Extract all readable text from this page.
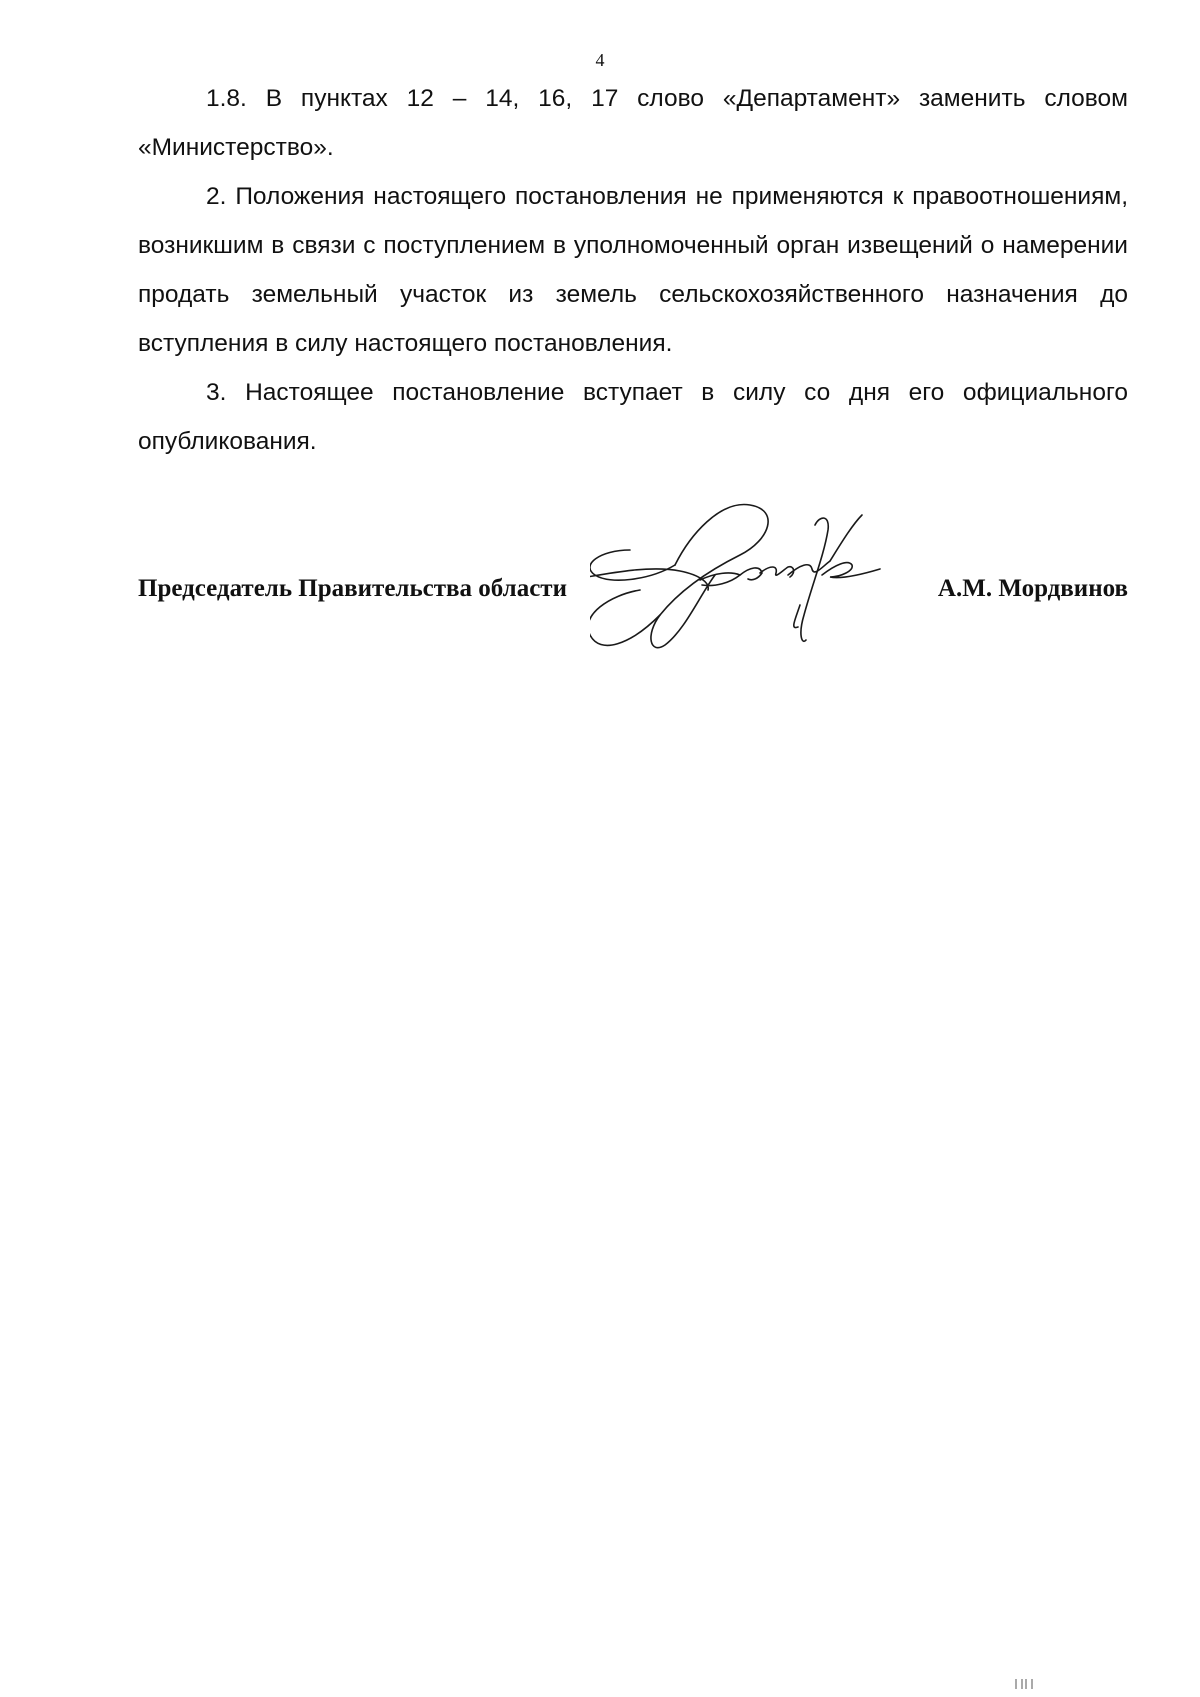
4

1.8. В пунктах 12 – 14, 16, 17 слово «Департамент» заменить словом «Министерство».

2. Положения настоящего постановления не применяются к правоотношениям, возникшим в связи с поступлением в уполномоченный орган извещений о намерении продать земельный участок из земель сельскохозяйственного назначения до вступления в силу настоящего постановления.

3. Настоящее постановление вступает в силу со дня его официального опубликования.

Председатель Правительства области	А.М. Мордвинов
